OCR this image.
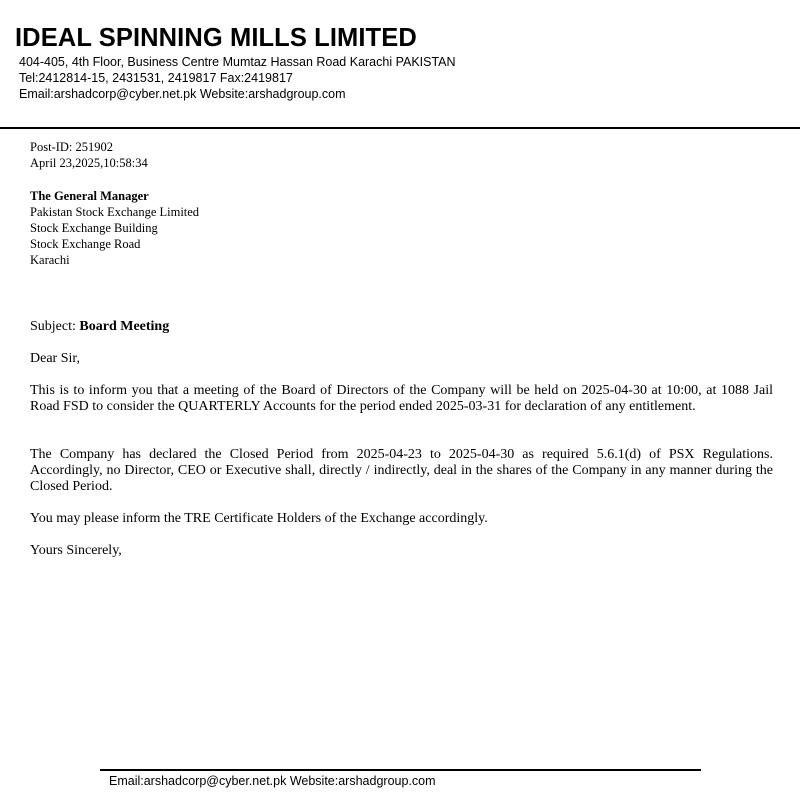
IDEAL SPINNING MILLS LIMITED
404-405, 4th Floor, Business Centre Mumtaz Hassan Road Karachi PAKISTAN
Tel:2412814-15, 2431531, 2419817 Fax:2419817
Email:arshadcorp@cyber.net.pk Website:arshadgroup.com
Post-ID: 251902
April 23,2025,10:58:34
The General Manager
Pakistan Stock Exchange Limited
Stock Exchange Building
Stock Exchange Road
Karachi
Subject: Board Meeting
Dear Sir,
This is to inform you that a meeting of the Board of Directors of the Company will be held on 2025-04-30 at 10:00, at 1088 Jail Road FSD to consider the QUARTERLY Accounts for the period ended 2025-03-31 for declaration of any entitlement.
The Company has declared the Closed Period from 2025-04-23 to 2025-04-30 as required 5.6.1(d) of PSX Regulations. Accordingly, no Director, CEO or Executive shall, directly / indirectly, deal in the shares of the Company in any manner during the Closed Period.
You may please inform the TRE Certificate Holders of the Exchange accordingly.
Yours Sincerely,
Email:arshadcorp@cyber.net.pk Website:arshadgroup.com
